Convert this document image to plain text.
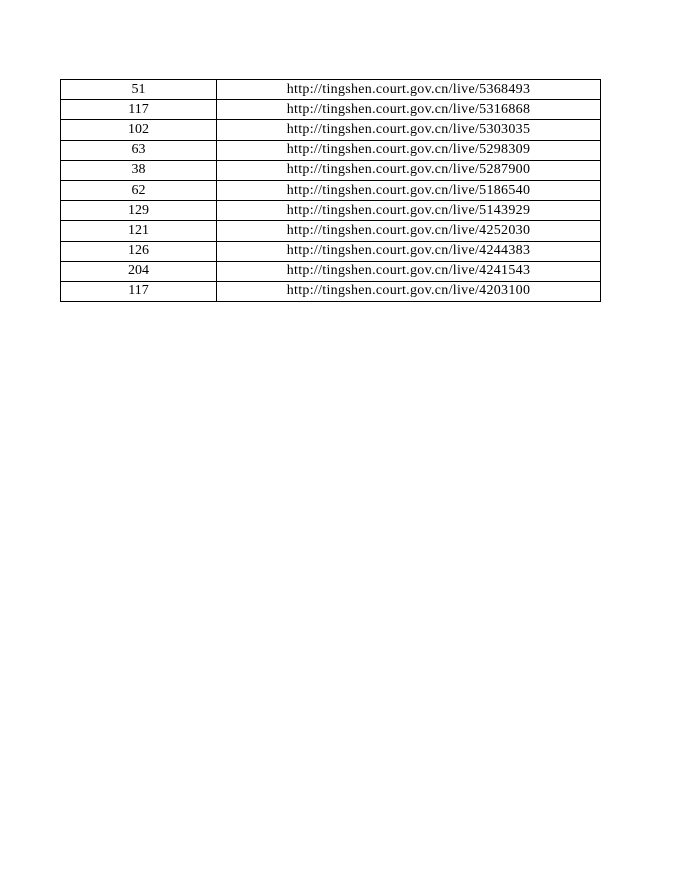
51	http://tingshen.court.gov.cn/live/5368493
117	http://tingshen.court.gov.cn/live/5316868
102	http://tingshen.court.gov.cn/live/5303035
63	http://tingshen.court.gov.cn/live/5298309
38	http://tingshen.court.gov.cn/live/5287900
62	http://tingshen.court.gov.cn/live/5186540
129	http://tingshen.court.gov.cn/live/5143929
121	http://tingshen.court.gov.cn/live/4252030
126	http://tingshen.court.gov.cn/live/4244383
204	http://tingshen.court.gov.cn/live/4241543
117	http://tingshen.court.gov.cn/live/4203100
